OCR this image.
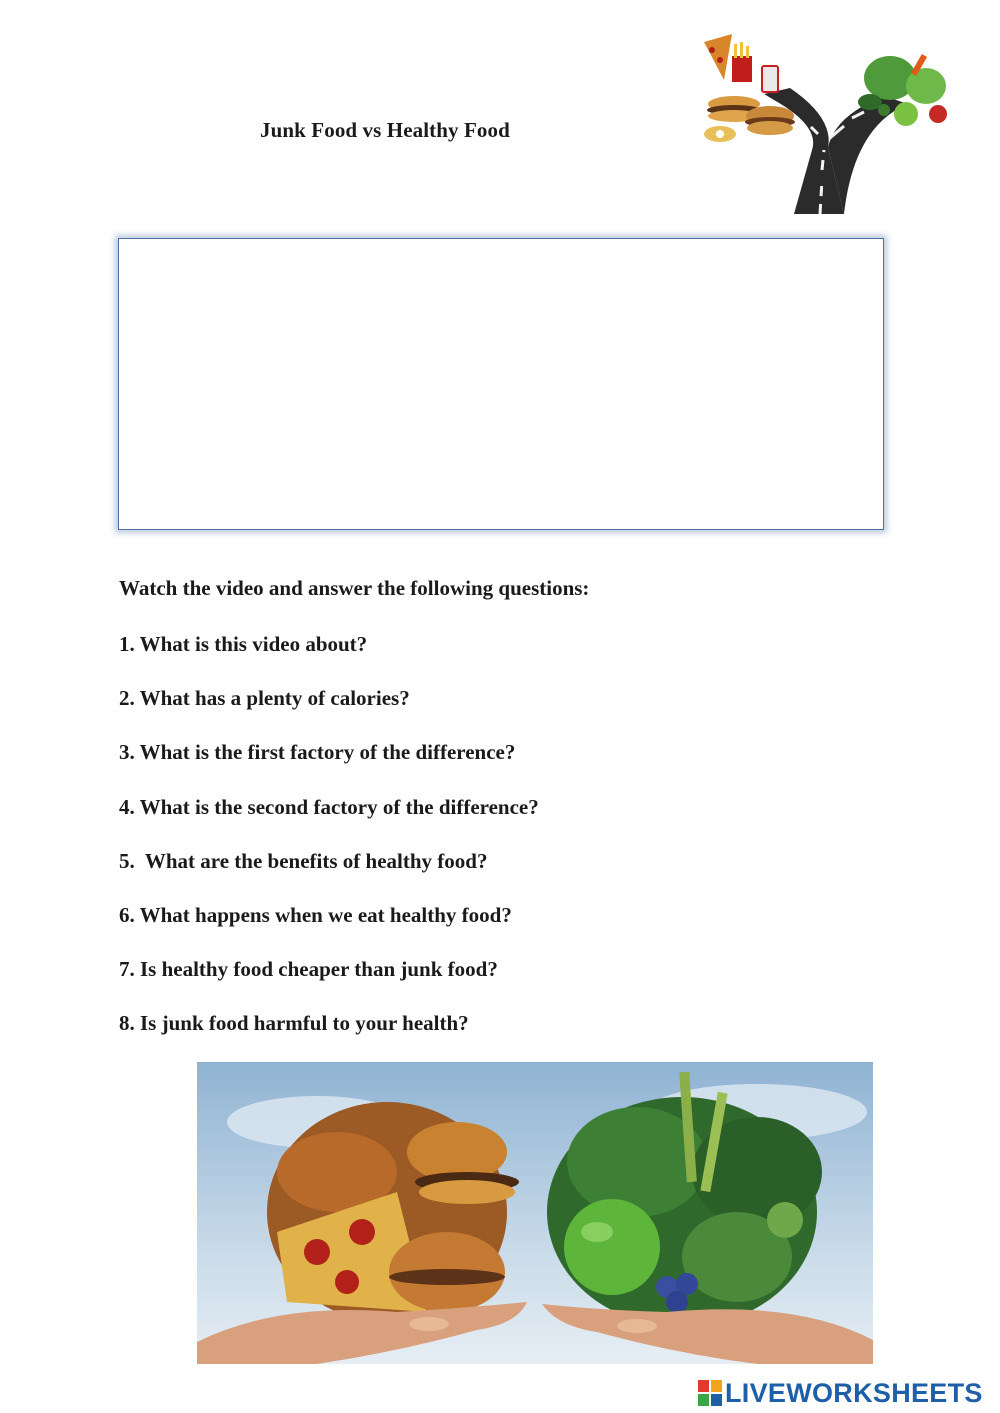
Junk Food vs Healthy Food
Watch the video and answer the following questions:
1. What is this video about?
2. What has a plenty of calories?
3. What is the first factory of the difference?
4. What is the second factory of the difference?
5.  What are the benefits of healthy food?
6. What happens when we eat healthy food?
7. Is healthy food cheaper than junk food?
8. Is junk food harmful to your health?
LIVEWORKSHEETS
